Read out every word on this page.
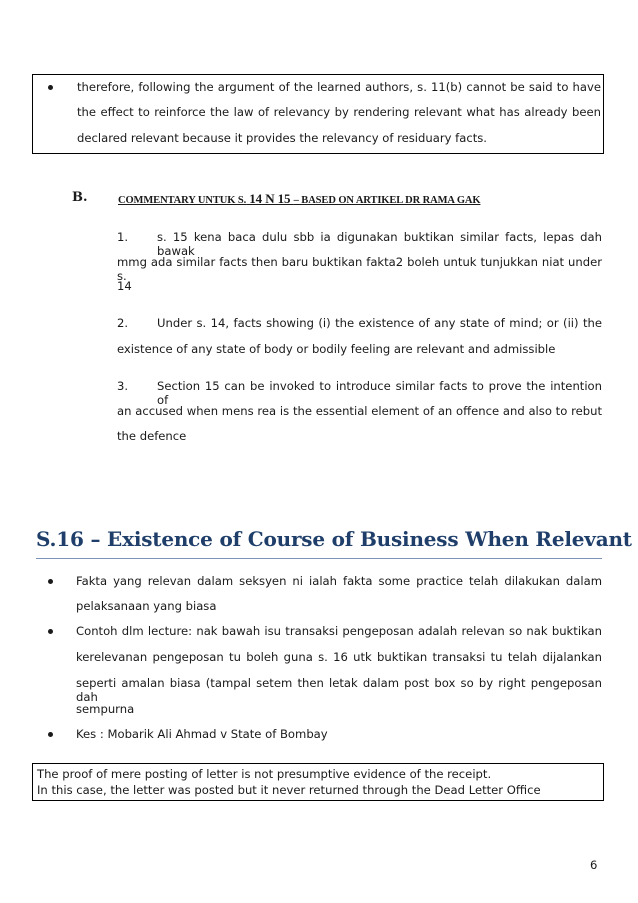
therefore, following the argument of the learned authors, s. 11(b) cannot be said to have
the effect to reinforce the law of relevancy by rendering relevant what has already been
declared relevant because it provides the relevancy of residuary facts.
B.	COMMENTARY UNTUK S. 14 N 15 – BASED ON ARTIKEL DR RAMA GAK
1. s. 15 kena baca dulu sbb ia digunakan buktikan similar facts, lepas dah bawak
mmg ada similar facts then baru buktikan fakta2 boleh untuk tunjukkan niat under s.
14
2. Under s. 14, facts showing (i) the existence of any state of mind; or (ii) the
existence of any state of body or bodily feeling are relevant and admissible
3. Section 15 can be invoked to introduce similar facts to prove the intention of
an accused when mens rea is the essential element of an offence and also to rebut
the defence
S.16 – Existence of Course of Business When Relevant
Fakta yang relevan dalam seksyen ni ialah fakta some practice telah dilakukan dalam
pelaksanaan yang biasa
Contoh dlm lecture: nak bawah isu transaksi pengeposan adalah relevan so nak buktikan
kerelevanan pengeposan tu boleh guna s. 16 utk buktikan transaksi tu telah dijalankan
seperti amalan biasa (tampal setem then letak dalam post box so by right pengeposan dah
sempurna
Kes : Mobarik Ali Ahmad v State of Bombay
The proof of mere posting of letter is not presumptive evidence of the receipt.
In this case, the letter was posted but it never returned through the Dead Letter Office
6
